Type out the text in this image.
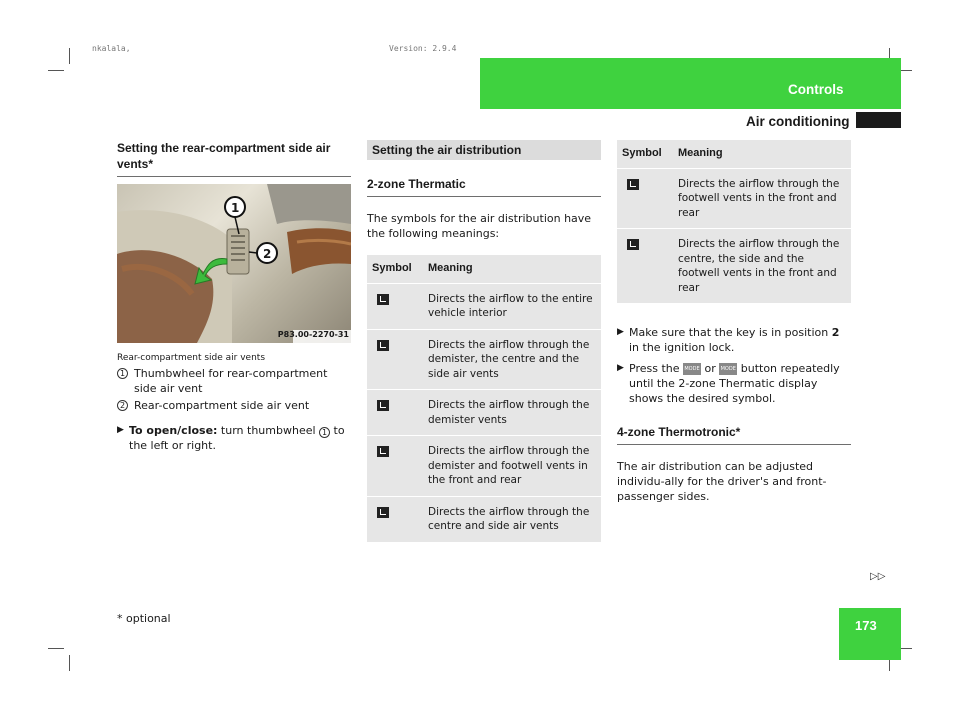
nkalala,	Version: 2.9.4
Controls
Air conditioning
173
▷▷
* optional
Setting the rear-compartment side air vents*
1
2
P83.00-2270-31
Rear-compartment side air vents
1 Thumbwheel for rear-compartment side air vent
2 Rear-compartment side air vent
▶ To open/close: turn thumbwheel 1 to the left or right.
Setting the air distribution
2-zone Thermatic

The symbols for the air distribution have the following meanings:

Symbol	Meaning
	Directs the airflow to the entire vehicle interior
	Directs the airflow through the demister, the centre and the side air vents
	Directs the airflow through the demister vents
	Directs the airflow through the demister and footwell vents in the front and rear
	Directs the airflow through the centre and side air vents
Symbol	Meaning
	Directs the airflow through the footwell vents in the front and rear
	Directs the airflow through the centre, the side and the footwell vents in the front and rear
▶ Make sure that the key is in position 2 in the ignition lock.
▶ Press the MODE or MODE button repeatedly until the 2-zone Thermatic display shows the desired symbol.
4-zone Thermotronic*

The air distribution can be adjusted individu-ally for the driver's and front-passenger sides.
